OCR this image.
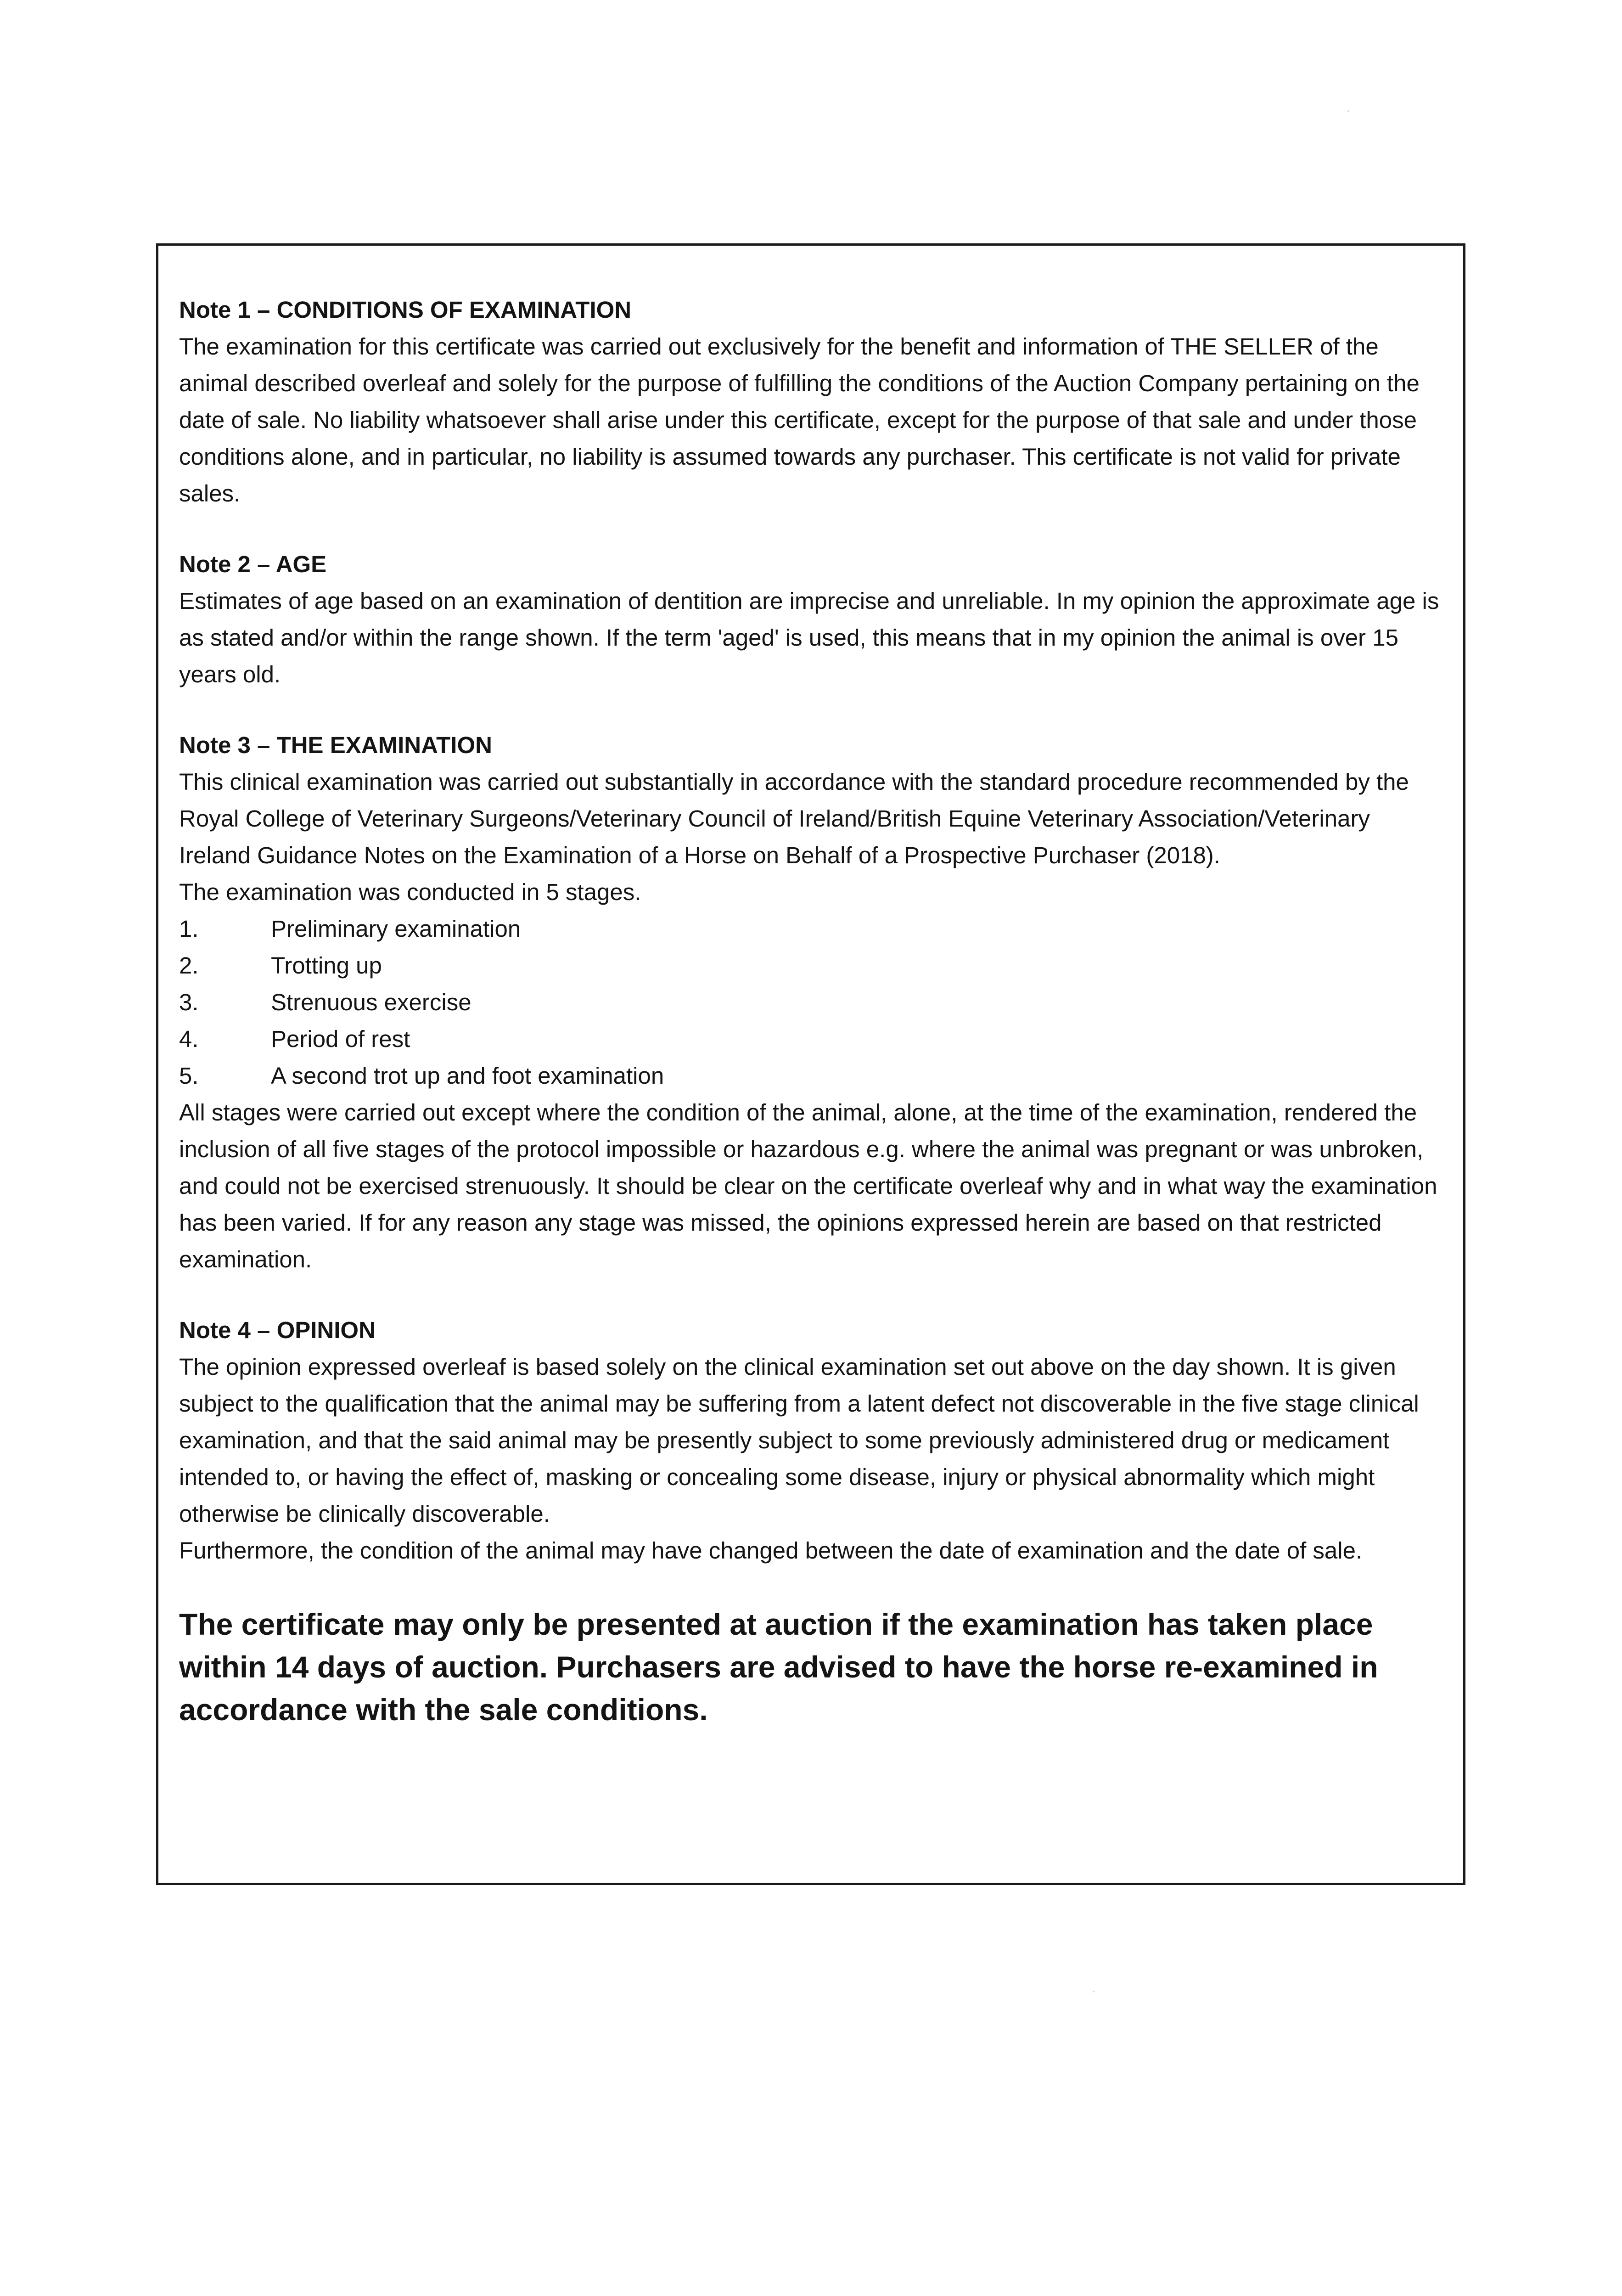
Note 1 – CONDITIONS OF EXAMINATION

The examination for this certificate was carried out exclusively for the benefit and information of THE SELLER of the animal described overleaf and solely for the purpose of fulfilling the conditions of the Auction Company pertaining on the date of sale. No liability whatsoever shall arise under this certificate, except for the purpose of that sale and under those conditions alone, and in particular, no liability is assumed towards any purchaser. This certificate is not valid for private sales.

Note 2 – AGE

Estimates of age based on an examination of dentition are imprecise and unreliable. In my opinion the approximate age is as stated and/or within the range shown. If the term 'aged' is used, this means that in my opinion the animal is over 15 years old.

Note 3 – THE EXAMINATION

This clinical examination was carried out substantially in accordance with the standard procedure recommended by the Royal College of Veterinary Surgeons/Veterinary Council of Ireland/British Equine Veterinary Association/Veterinary Ireland Guidance Notes on the Examination of a Horse on Behalf of a Prospective Purchaser (2018).

The examination was conducted in 5 stages.

1.	Preliminary examination
2.	Trotting up
3.	Strenuous exercise
4.	Period of rest
5.	A second trot up and foot examination

All stages were carried out except where the condition of the animal, alone, at the time of the examination, rendered the inclusion of all five stages of the protocol impossible or hazardous e.g. where the animal was pregnant or was unbroken, and could not be exercised strenuously. It should be clear on the certificate overleaf why and in what way the examination has been varied. If for any reason any stage was missed, the opinions expressed herein are based on that restricted examination.

Note 4 – OPINION

The opinion expressed overleaf is based solely on the clinical examination set out above on the day shown. It is given subject to the qualification that the animal may be suffering from a latent defect not discoverable in the five stage clinical examination, and that the said animal may be presently subject to some previously administered drug or medicament intended to, or having the effect of, masking or concealing some disease, injury or physical abnormality which might otherwise be clinically discoverable.

Furthermore, the condition of the animal may have changed between the date of examination and the date of sale.

The certificate may only be presented at auction if the examination has taken place within 14 days of auction. Purchasers are advised to have the horse re-examined in accordance with the sale conditions.
